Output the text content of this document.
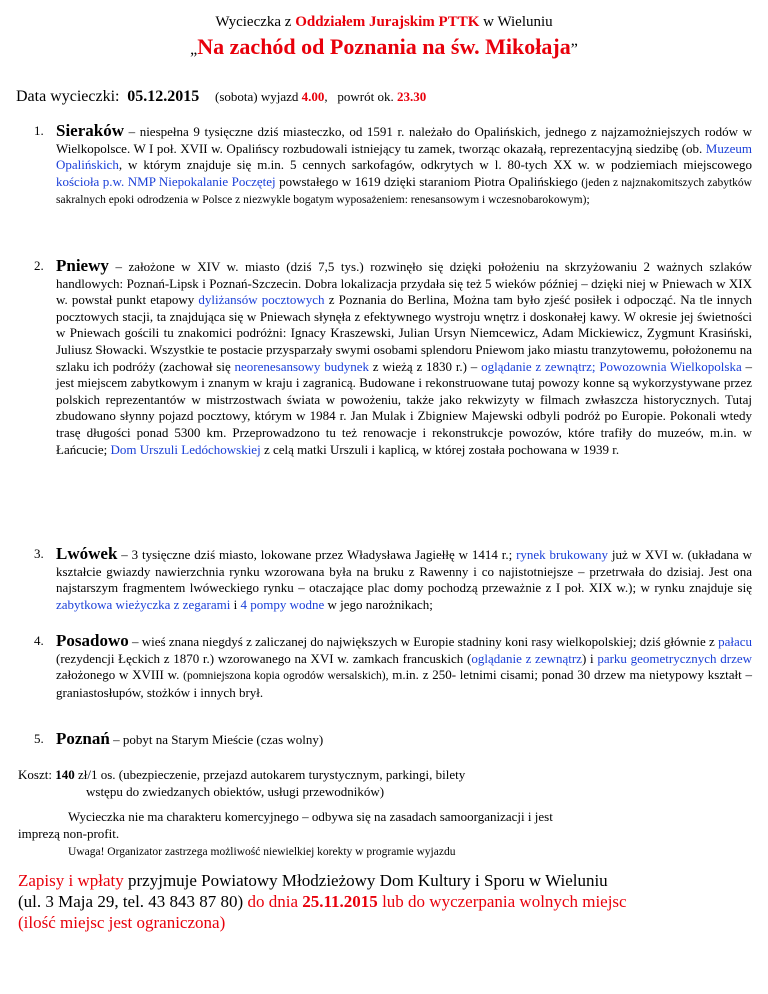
Wycieczka z Oddziałem Jurajskim PTTK w Wieluniu
„Na zachód od Poznania na św. Mikołaja”
Data wycieczki: 05.12.2015 (sobota) wyjazd 4.00,   powrót ok. 23.30
1. Sieraków – niespełna 9 tysięczne dziś miasteczko, od 1591 r. należało do Opalińskich, jednego z najzamożniejszych rodów w Wielkopolsce. W I poł. XVII w. Opalińscy rozbudowali istniejący tu zamek, tworząc okazałą, reprezentacyjną siedzibę (ob. Muzeum Opalińskich, w którym znajduje się m.in. 5 cennych sarkofagów, odkrytych w l. 80-tych XX w. w podziemiach miejscowego kościoła p.w. NMP Niepokalanie Poczętej powstałego w 1619 dzięki staraniom Piotra Opalińskiego (jeden z najznakomitszych zabytków sakralnych epoki odrodzenia w Polsce z niezwykle bogatym wyposażeniem: renesansowym i wczesnobarokowym);

2. Pniewy – założone w XIV w. miasto (dziś 7,5 tys.) rozwinęło się dzięki położeniu na skrzyżowaniu 2 ważnych szlaków handlowych: Poznań-Lipsk i Poznań-Szczecin. Dobra lokalizacja przydała się też 5 wieków później – dzięki niej w Pniewach w XIX w. powstał punkt etapowy dyliżansów pocztowych z Poznania do Berlina, Można tam było zjeść posiłek i odpocząć. Na tle innych pocztowych stacji, ta znajdująca się w Pniewach słynęła z efektywnego wystroju wnętrz i doskonałej kawy. W okresie jej świetności w Pniewach gościli tu znakomici podróżni: Ignacy Kraszewski, Julian Ursyn Niemcewicz, Adam Mickiewicz, Zygmunt Krasiński, Juliusz Słowacki. Wszystkie te postacie przysparzały swymi osobami splendoru Pniewom jako miastu tranzytowemu, położonemu na szlaku ich podróży (zachował się neorenesansowy budynek z wieżą z 1830 r.) – oglądanie z zewnątrz; Powozownia Wielkopolska – jest miejscem zabytkowym i znanym w kraju i zagranicą. Budowane i rekonstruowane tutaj powozy konne są wykorzystywane przez polskich reprezentantów w mistrzostwach świata w powożeniu, także jako rekwizyty w filmach zwłaszcza historycznych. Tutaj zbudowano słynny pojazd pocztowy, którym w 1984 r. Jan Mulak i Zbigniew Majewski odbyli podróż po Europie. Pokonali wtedy trasę długości ponad 5300 km. Przeprowadzono tu też renowacje i rekonstrukcje powozów, które trafiły do muzeów, m.in. w Łańcucie; Dom Urszuli Ledóchowskiej z celą matki Urszuli i kaplicą, w której została pochowana w 1939 r.

3. Lwówek – 3 tysięczne dziś miasto, lokowane przez Władysława Jagiełłę w 1414 r.; rynek brukowany już w XVI w. (układana w kształcie gwiazdy nawierzchnia rynku wzorowana była na bruku z Rawenny i co najistotniejsze – przetrwała do dzisiaj. Jest ona najstarszym fragmentem lwóweckiego rynku – otaczające plac domy pochodzą przeważnie z I poł. XIX w.); w rynku znajduje się zabytkowa wieżyczka z zegarami i 4 pompy wodne w jego narożnikach;

4. Posadowo – wieś znana niegdyś z zaliczanej do największych w Europie stadniny koni rasy wielkopolskiej; dziś głównie z pałacu (rezydencji Łęckich z 1870 r.) wzorowanego na XVI w. zamkach francuskich (oglądanie z zewnątrz) i parku geometrycznych drzew założonego w XVIII w. (pomniejszona kopia ogrodów wersalskich), m.in. z 250- letnimi cisami; ponad 30 drzew ma nietypowy kształt – graniastosłupów, stożków i innych brył.

5. Poznań – pobyt na Starym Mieście (czas wolny)

Koszt: 140 zł/1 os. (ubezpieczenie, przejazd autokarem turystycznym, parkingi, bilety
wstępu do zwiedzanych obiektów, usługi przewodników)
Wycieczka nie ma charakteru komercyjnego – odbywa się na zasadach samoorganizacji i jest
imprezą non-profit.
Uwaga! Organizator zastrzega możliwość niewielkiej korekty w programie wyjazdu
Zapisy i wpłaty przyjmuje Powiatowy Młodzieżowy Dom Kultury i Sporu w Wieluniu
(ul. 3 Maja 29, tel. 43 843 87 80) do dnia 25.11.2015 lub do wyczerpania wolnych miejsc
(ilość miejsc jest ograniczona)
